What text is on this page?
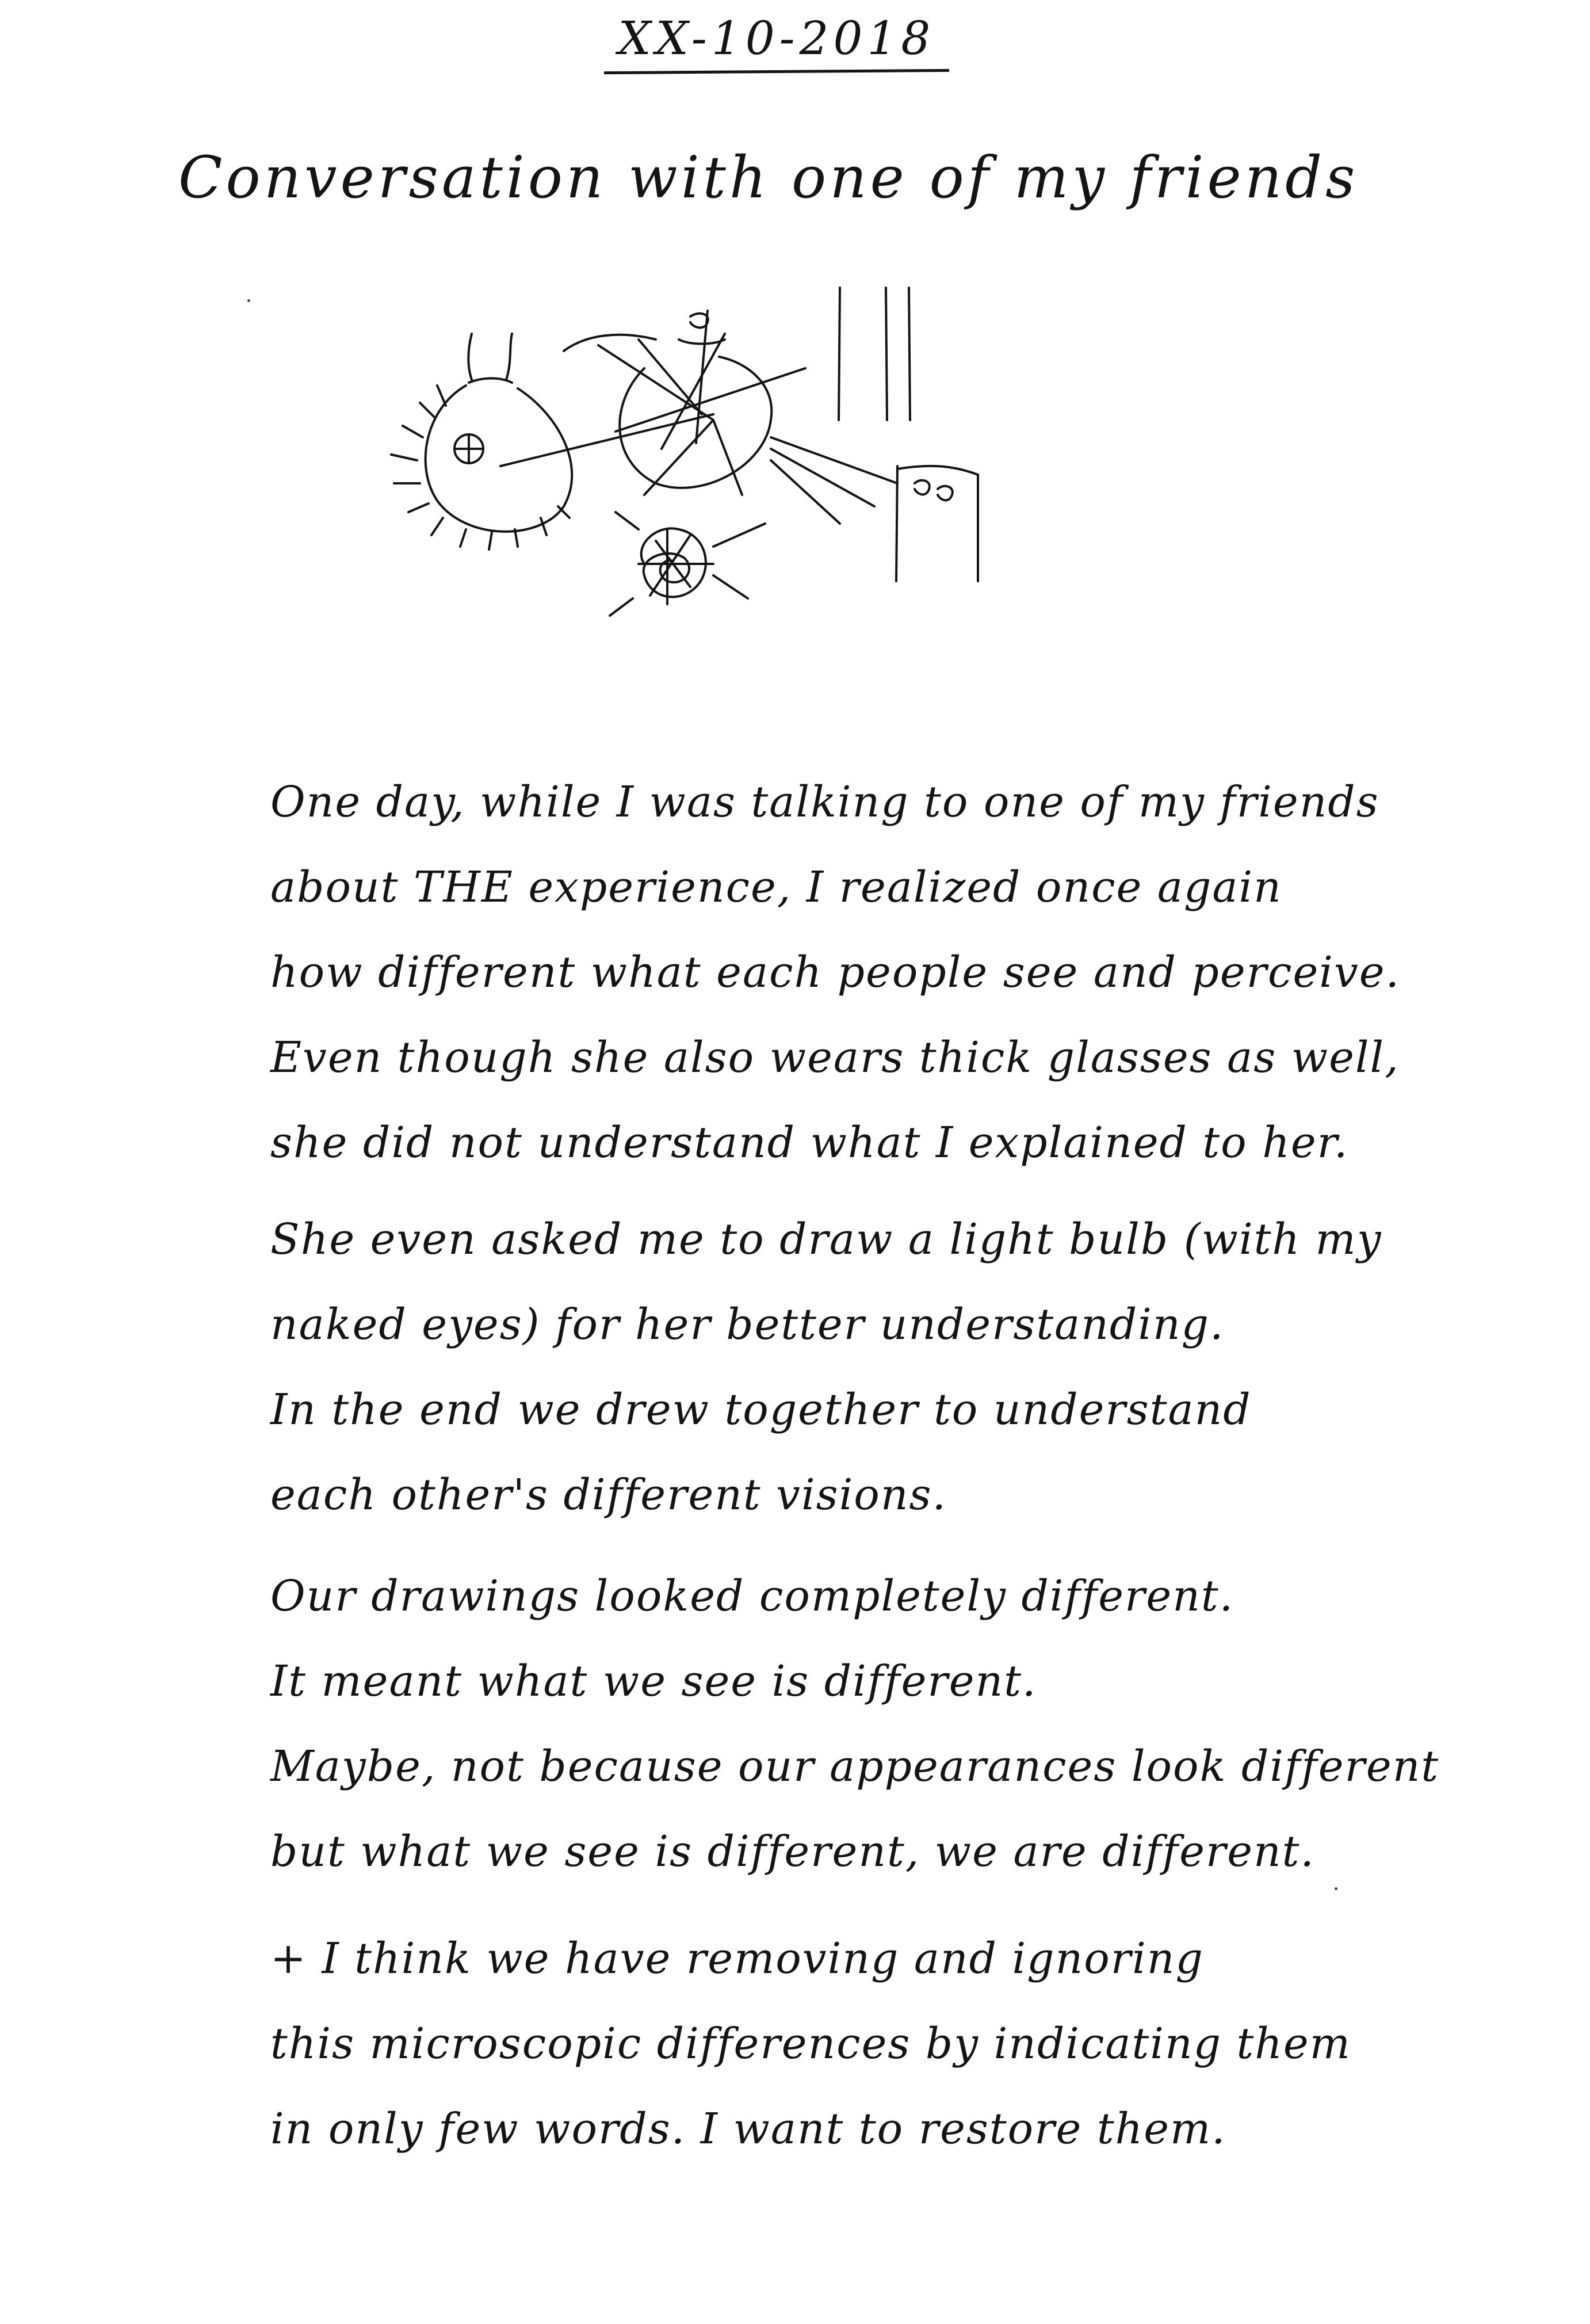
XX-10-2018
Conversation with one of my friends
One day, while I was talking to one of my friends
about THE experience, I realized once again
how different what each people see and perceive.
Even though she also wears thick glasses as well,
she did not understand what I explained to her.
She even asked me to draw a light bulb (with my
naked eyes) for her better understanding.
In the end we drew together to understand
each other's different visions.
Our drawings looked completely different.
It meant what we see is different.
Maybe, not because our appearances look different
but what we see is different, we are different.
+ I think we have removing and ignoring
this microscopic differences by indicating them
in only few words. I want to restore them.
